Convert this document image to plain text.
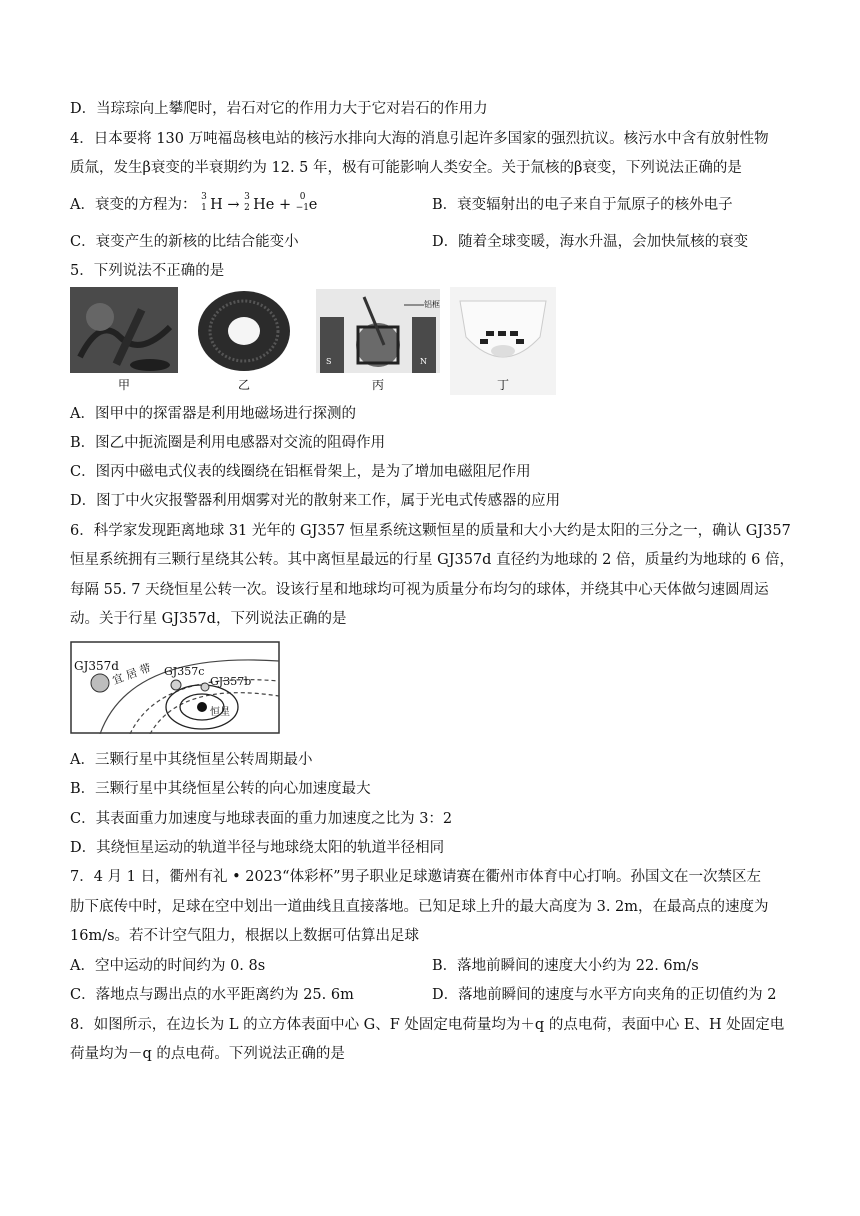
D．当琮琮向上攀爬时，岩石对它的作用力大于它对岩石的作用力
4．日本要将 130 万吨福岛核电站的核污水排向大海的消息引起许多国家的强烈抗议。核污水中含有放射性物
质氚，发生β衰变的半衰期约为 12. 5 年，极有可能影响人类安全。关于氚核的β衰变，下列说法正确的是
A．衰变的方程为： 3
1 H → 3
2 He + 0
−1 e	B．衰变辐射出的电子来自于氚原子的核外电子
C．衰变产生的新核的比结合能变小	D．随着全球变暖，海水升温，会加快氚核的衰变
5．下列说法不正确的是
甲	乙
铝框
S	N
丙	丁
A．图甲中的探雷器是利用地磁场进行探测的
B．图乙中扼流圈是利用电感器对交流的阻碍作用
C．图丙中磁电式仪表的线圈绕在铝框骨架上，是为了增加电磁阻尼作用
D．图丁中火灾报警器利用烟雾对光的散射来工作，属于光电式传感器的应用
6．科学家发现距离地球 31 光年的 GJ357 恒星系统这颗恒星的质量和大小大约是太阳的三分之一，确认 GJ357
恒星系统拥有三颗行星绕其公转。其中离恒星最远的行星 GJ357d 直径约为地球的 2 倍，质量约为地球的 6 倍，
每隔 55. 7 天绕恒星公转一次。设该行星和地球均可视为质量分布均匀的球体，并绕其中心天体做匀速圆周运
动。关于行星 GJ357d，下列说法正确的是
GJ357d	GJ357c
GJ357b
宜 居 带
恒星
A．三颗行星中其绕恒星公转周期最小
B．三颗行星中其绕恒星公转的向心加速度最大
C．其表面重力加速度与地球表面的重力加速度之比为 3：2
D．其绕恒星运动的轨道半径与地球绕太阳的轨道半径相同
7．4 月 1 日，衢州有礼 • 2023“体彩杯”男子职业足球邀请赛在衢州市体育中心打响。孙国文在一次禁区左
肋下底传中时，足球在空中划出一道曲线且直接落地。已知足球上升的最大高度为 3. 2m，在最高点的速度为
16m/s。若不计空气阻力，根据以上数据可估算出足球
A．空中运动的时间约为 0. 8s	B．落地前瞬间的速度大小约为 22. 6m/s
C．落地点与踢出点的水平距离约为 25. 6m	D．落地前瞬间的速度与水平方向夹角的正切值约为 2
8．如图所示，在边长为 L 的立方体表面中心 G、F 处固定电荷量均为＋q 的点电荷，表面中心 E、H 处固定电
荷量均为－q 的点电荷。下列说法正确的是
